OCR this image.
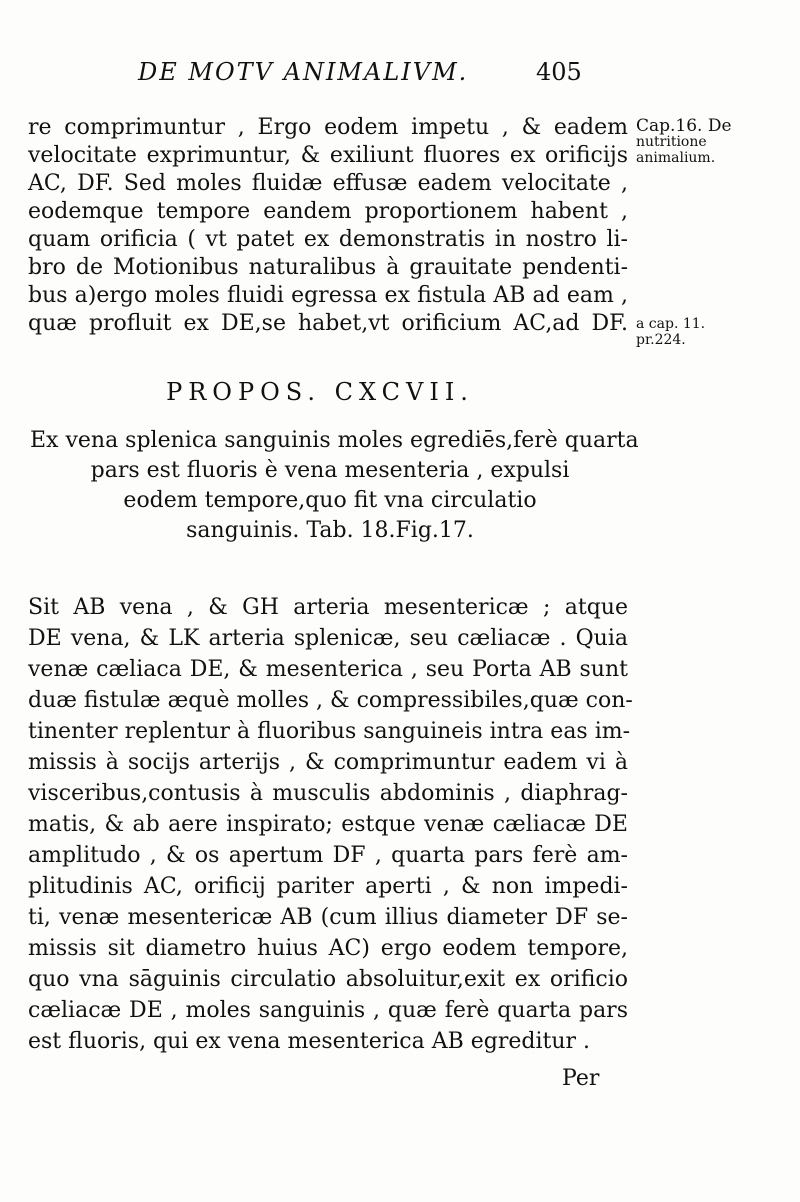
DE MOTV ANIMALIVM.	405
re comprimuntur , Ergo eodem impetu , & eadem
velocitate exprimuntur, & exiliunt fluores ex orificijs
AC, DF. Sed moles fluidæ effusæ eadem velocitate ,
eodemque tempore eandem proportionem habent ,
quam orificia ( vt patet ex demonstratis in nostro li-
bro de Motionibus naturalibus à grauitate pendenti-
bus a)ergo moles fluidi egressa ex fistula AB ad eam ,
quæ profluit ex DE,se habet,vt orificium AC,ad DF.
Cap.16. De
nutritione
animalium.
a cap. 11.
pr.224.
PROPOS. CXCVII.
Ex vena splenica sanguinis moles egrediēs,ferè quarta
pars est fluoris è vena mesenteria , expulsi
eodem tempore,quo fit vna circulatio
sanguinis. Tab. 18.Fig.17.
Sit AB vena , & GH arteria mesentericæ ; atque
DE vena, & LK arteria splenicæ, seu cæliacæ . Quia
venæ cæliaca DE, & mesenterica , seu Porta AB sunt
duæ fistulæ æquè molles , & compressibiles,quæ con-
tinenter replentur à fluoribus sanguineis intra eas im-
missis à socijs arterijs , & comprimuntur eadem vi à
visceribus,contusis à musculis abdominis , diaphrag-
matis, & ab aere inspirato; estque venæ cæliacæ DE
amplitudo , & os apertum DF , quarta pars ferè am-
plitudinis AC, orificij pariter aperti , & non impedi-
ti, venæ mesentericæ AB (cum illius diameter DF se-
missis sit diametro huius AC) ergo eodem tempore,
quo vna sāguinis circulatio absoluitur,exit ex orificio
cæliacæ DE , moles sanguinis , quæ ferè quarta pars
est fluoris, qui ex vena mesenterica AB egreditur .
Per
